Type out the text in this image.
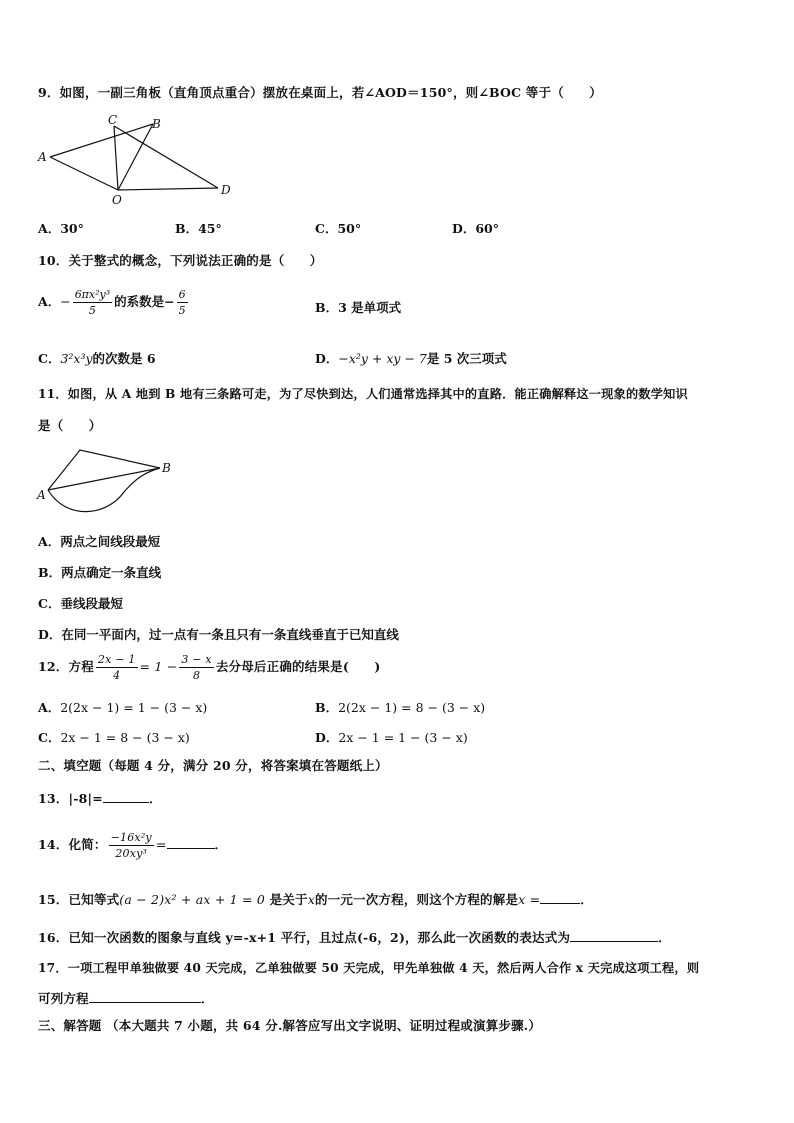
9．如图，一副三角板（直角顶点重合）摆放在桌面上，若∠AOD＝150°，则∠BOC 等于（　　）
A
C	B
O
D
A．30°	B．45°	C．50°	D．60°
10．关于整式的概念，下列说法正确的是（　　）
A．− $\frac{\text{6πx²y³}}{5}$ 的系数是− $\frac{6}{5}$	B．3 是单项式
C．3²x³y的次数是 6	D．−x²y + xy − 7是 5 次三项式
11．如图，从 A 地到 B 地有三条路可走，为了尽快到达，人们通常选择其中的直路．能正确解释这一现象的数学知识
是（　　）
A
B
A．两点之间线段最短
B．两点确定一条直线
C．垂线段最短
D．在同一平面内，过一点有一条且只有一条直线垂直于已知直线
12．方程 $\frac{2x - 1}{4} = 1 - \frac{3 - x}{8}$ 去分母后正确的结果是(　　)
A．2(2x − 1) = 1 − (3 − x)	B．2(2x − 1) = 8 − (3 − x)
C．2x − 1 = 8 − (3 − x)	D．2x − 1 = 1 − (3 − x)
二、填空题（每题 4 分，满分 20 分，将答案填在答题纸上）
13．|-8|=	．
14．化简： $\frac{\text{−16x²y}}{\text{20xy³}}$ =	．
15．已知等式(a − 2)x² + ax + 1 = 0 是关于x的一元一次方程，则这个方程的解是x =	．
16．已知一次函数的图象与直线 y=-x+1 平行，且过点(-6，2)，那么此一次函数的表达式为	．
17．一项工程甲单独做要 40 天完成，乙单独做要 50 天完成，甲先单独做 4 天，然后两人合作 x 天完成这项工程，则
可列方程	．
三、解答题 （本大题共 7 小题，共 64 分.解答应写出文字说明、证明过程或演算步骤.）
